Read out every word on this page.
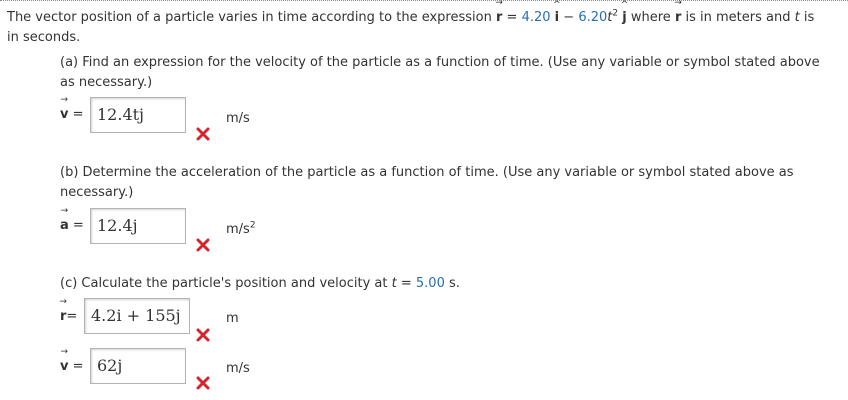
The vector position of a particle varies in time according to the expression → r = 4.20 ^ $i - 6.20t^2$ ^ j where → r is in meters and t is
in seconds.
(a) Find an expression for the velocity of the particle as a function of time. (Use any variable or symbol stated above as necessary.)
→ v = 12.4tj	m/s
(b) Determine the acceleration of the particle as a function of time. (Use any variable or symbol stated above as necessary.)
→ a = 12.4j	$m/s^2$
(c) Calculate the particle's position and velocity at t = 5.00 s.
→ r= 4.2i + 155j	m
→ v = 62j	m/s
